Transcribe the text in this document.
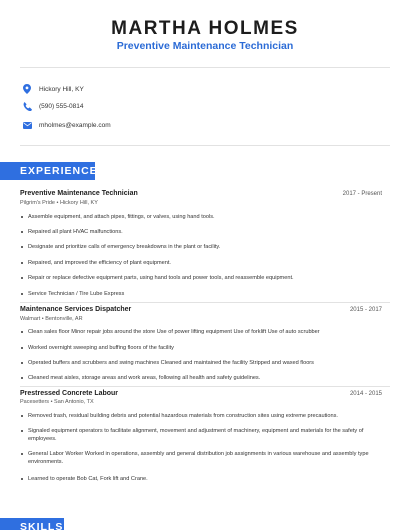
MARTHA HOLMES
Preventive Maintenance Technician
Hickory Hill, KY
(590) 555-0814
mholmes@example.com
EXPERIENCE
Preventive Maintenance Technician	2017 - Present
Pilgrim's Pride • Hickory Hill, KY
Assemble equipment, and attach pipes, fittings, or valves, using hand tools.
Repaired all plant HVAC malfunctions.
Designate and prioritize calls of emergency breakdowns in the plant or facility.
Repaired, and improved the efficiency of plant equipment.
Repair or replace defective equipment parts, using hand tools and power tools, and reassemble equipment.
Service Technician / Tire Lube Express
Maintenance Services Dispatcher	2015 - 2017
Walmart • Bentonville, AR
Clean sales floor Minor repair jobs around the store Use of power lifting equipment Use of forklift Use of auto scrubber
Worked overnight sweeping and buffing floors of the facility
Operated buffers and scrubbers and swing machines Cleaned and maintained the facility Stripped and waxed floors
Cleaned meat aisles, storage areas and work areas, following all health and safety guidelines.
Prestressed Concrete Labour	2014 - 2015
Pacesetters • San Antonio, TX
Removed trash, residual building debris and potential hazardous materials from construction sites using extreme precautions.
Signaled equipment operators to facilitate alignment, movement and adjustment of machinery, equipment and materials for the safety of employees.
General Labor Worker Worked in operations, assembly and general distribution job assignments in various warehouse and assembly type environments.
Learned to operate Bob Cat, Fork lift and Crane.
SKILLS
